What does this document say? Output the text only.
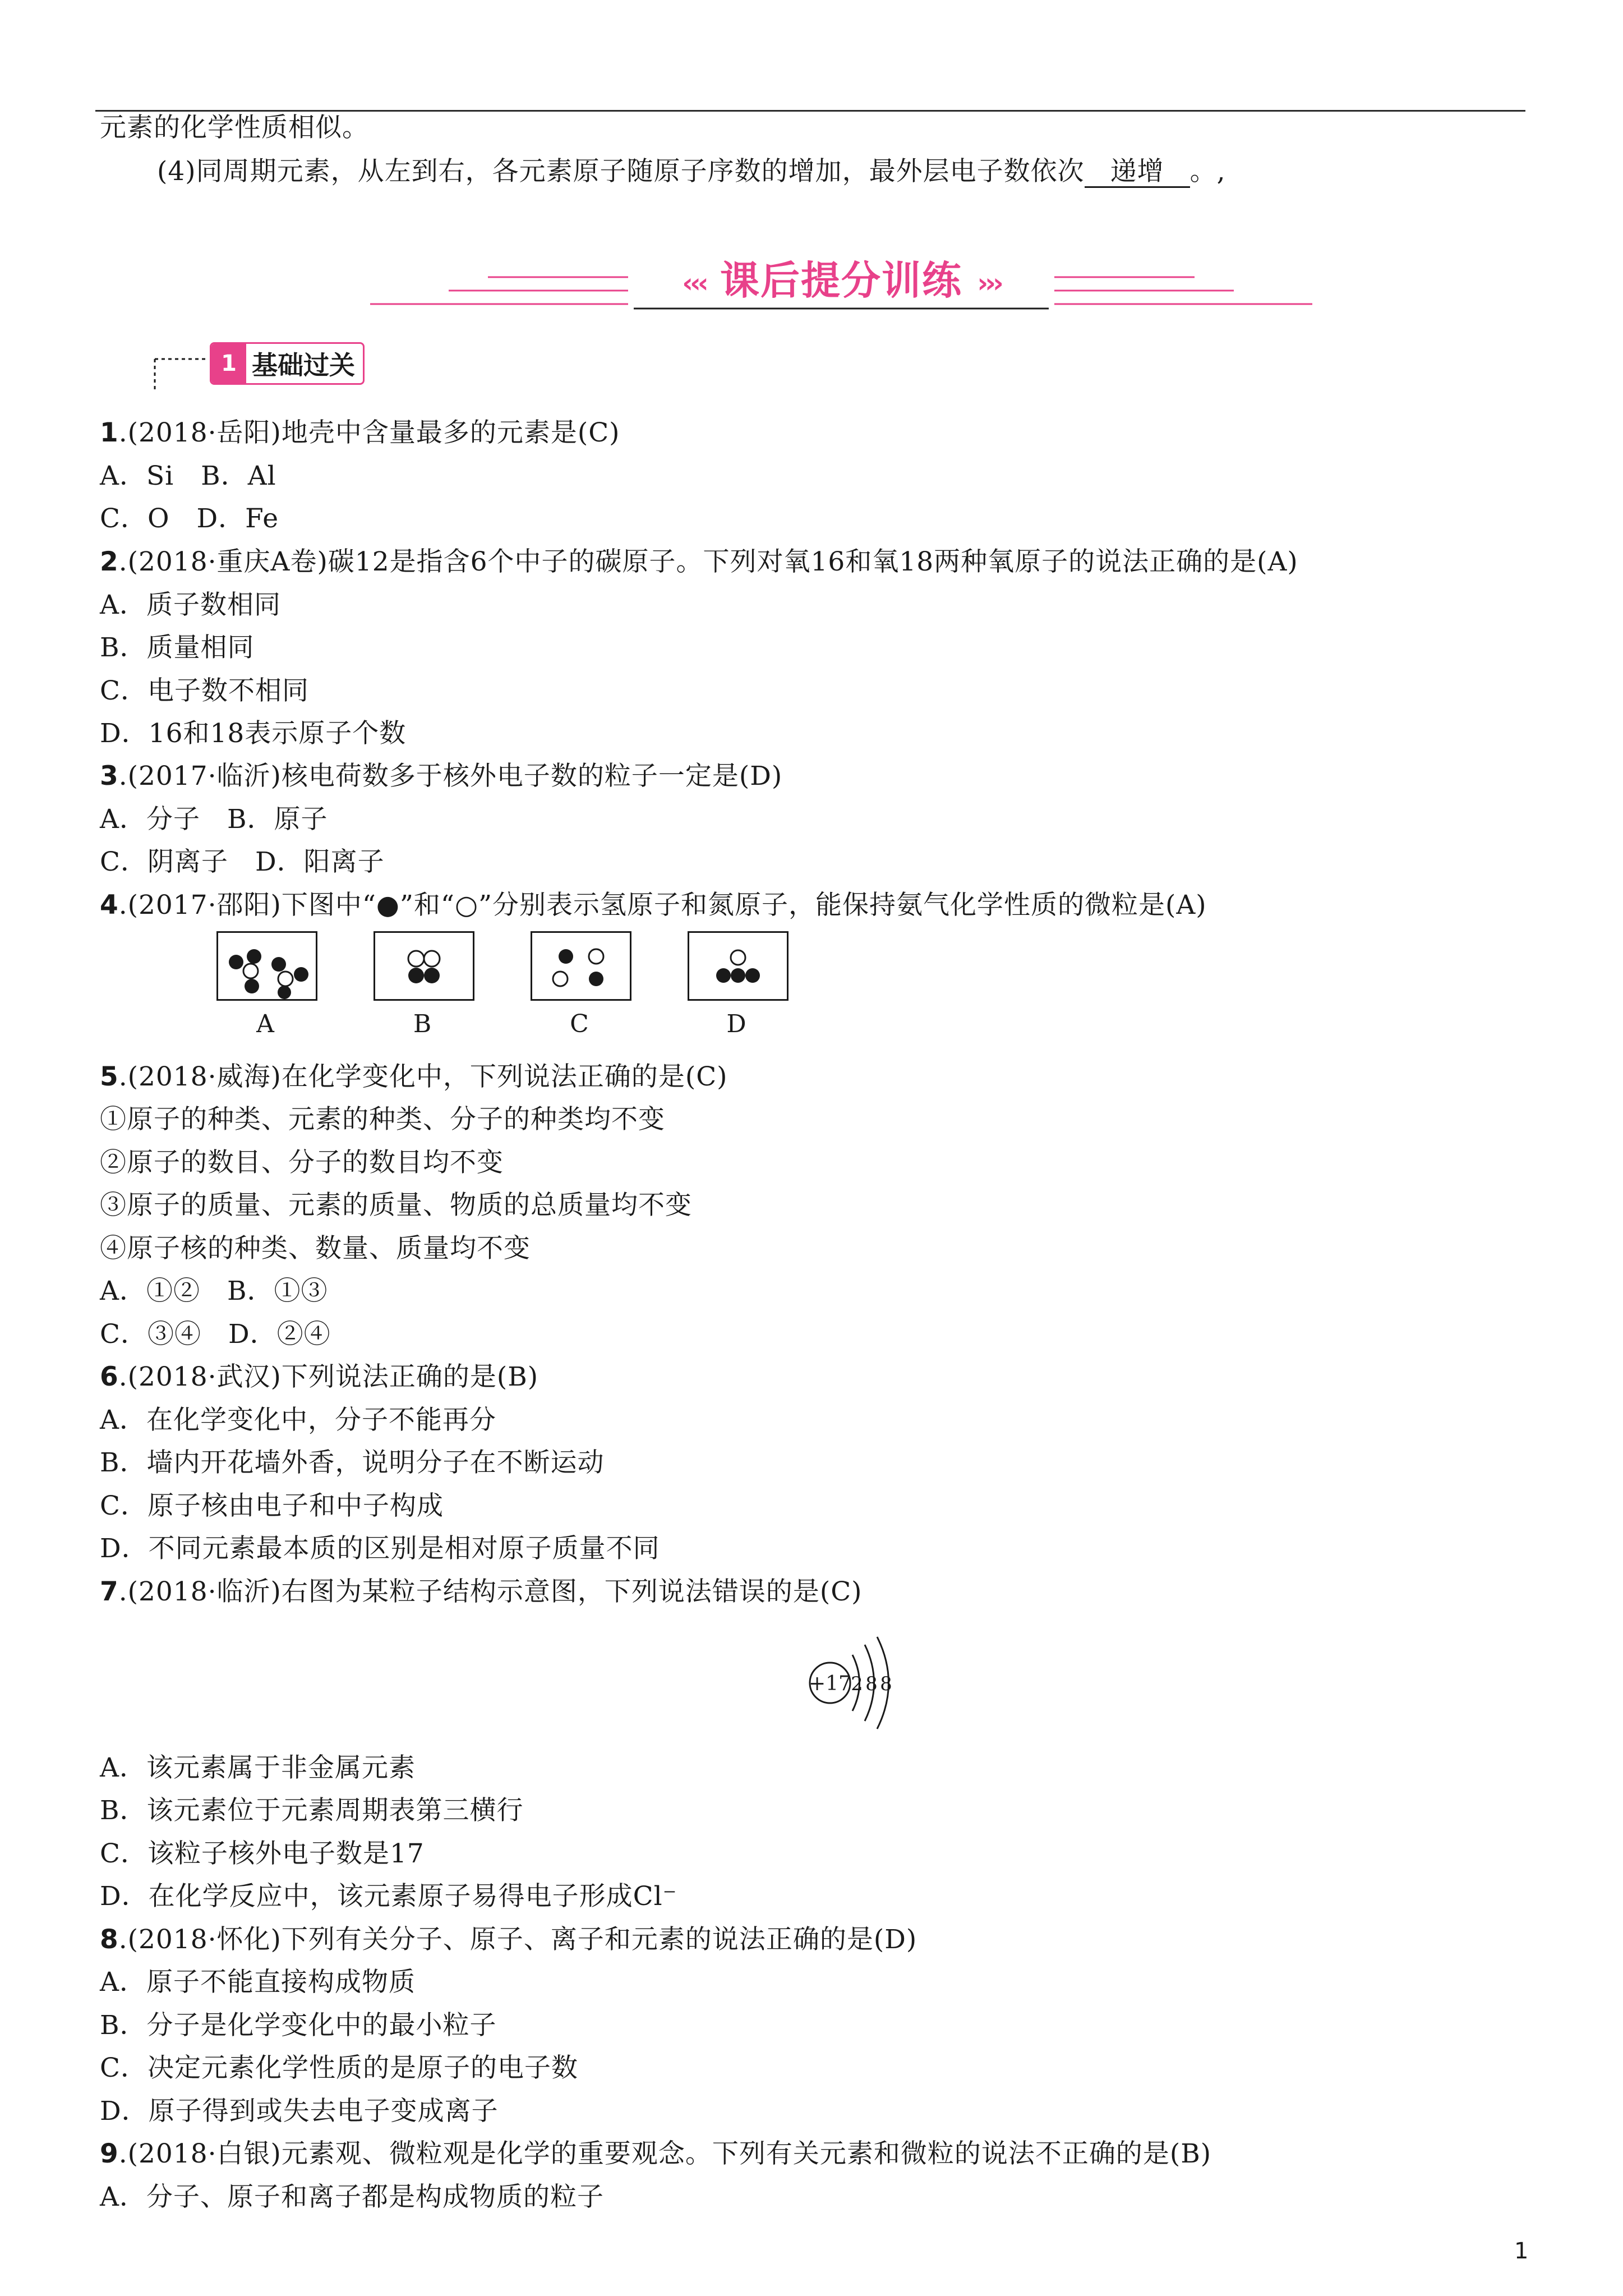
元素的化学性质相似。
(4)同周期元素，从左到右，各元素原子随原子序数的增加，最外层电子数依次 递增 。,
‹‹‹ 课后提分训练 ›››
1 基础过关
1.(2018·岳阳)地壳中含量最多的元素是(C)
A．Si　B．Al
C．O　D．Fe
2.(2018·重庆A卷)碳12是指含6个中子的碳原子。下列对氧16和氧18两种氧原子的说法正确的是(A)
A．质子数相同
B．质量相同
C．电子数不相同
D．16和18表示原子个数
3.(2017·临沂)核电荷数多于核外电子数的粒子一定是(D)
A．分子　B．原子
C．阴离子　D．阳离子
4.(2017·邵阳)下图中“●”和“○”分别表示氢原子和氮原子，能保持氨气化学性质的微粒是(A)
A	B	C	D
5.(2018·威海)在化学变化中，下列说法正确的是(C)
①原子的种类、元素的种类、分子的种类均不变
②原子的数目、分子的数目均不变
③原子的质量、元素的质量、物质的总质量均不变
④原子核的种类、数量、质量均不变
A．①②　B．①③
C．③④　D．②④
6.(2018·武汉)下列说法正确的是(B)
A．在化学变化中，分子不能再分
B．墙内开花墙外香，说明分子在不断运动
C．原子核由电子和中子构成
D．不同元素最本质的区别是相对原子质量不同
7.(2018·临沂)右图为某粒子结构示意图，下列说法错误的是(C)
+17 2 8 8
A．该元素属于非金属元素
B．该元素位于元素周期表第三横行
C．该粒子核外电子数是17
D．在化学反应中，该元素原子易得电子形成Cl⁻
8.(2018·怀化)下列有关分子、原子、离子和元素的说法正确的是(D)
A．原子不能直接构成物质
B．分子是化学变化中的最小粒子
C．决定元素化学性质的是原子的电子数
D．原子得到或失去电子变成离子
9.(2018·白银)元素观、微粒观是化学的重要观念。下列有关元素和微粒的说法不正确的是(B)
A．分子、原子和离子都是构成物质的粒子
1
